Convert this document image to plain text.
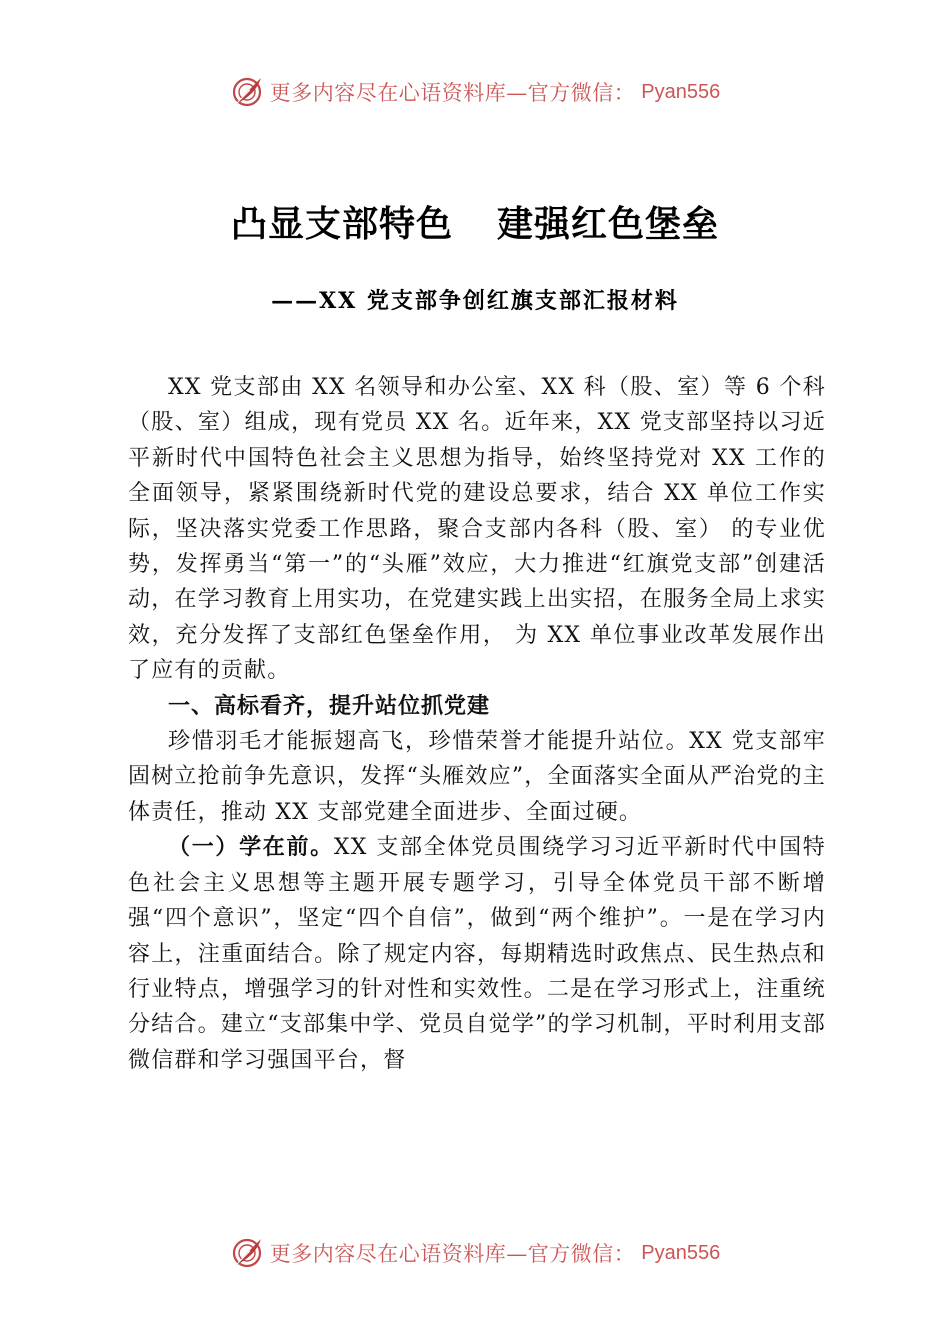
更多内容尽在心语资料库—官方微信： Pyan556
凸显支部特色 建强红色堡垒
——XX 党支部争创红旗支部汇报材料

XX 党支部由 XX 名领导和办公室、XX 科（股、室）等 6 个科（股、室）组成，现有党员 XX 名。近年来，XX 党支部坚持以习近平新时代中国特色社会主义思想为指导，始终坚持党对 XX 工作的全面领导，紧紧围绕新时代党的建设总要求，结合 XX 单位工作实际，坚决落实党委工作思路，聚合支部内各科（股、室） 的专业优势，发挥勇当“第一”的“头雁”效应，大力推进“红旗党支部”创建活动，在学习教育上用实功，在党建实践上出实招，在服务全局上求实效，充分发挥了支部红色堡垒作用， 为 XX 单位事业改革发展作出了应有的贡献。

一、高标看齐，提升站位抓党建

珍惜羽毛才能振翅高飞，珍惜荣誉才能提升站位。XX 党支部牢固树立抢前争先意识，发挥“头雁效应”，全面落实全面从严治党的主体责任，推动 XX 支部党建全面进步、全面过硬。

（一）学在前。XX 支部全体党员围绕学习习近平新时代中国特色社会主义思想等主题开展专题学习，引导全体党员干部不断增强“四个意识”，坚定“四个自信”，做到“两个维护”。一是在学习内容上，注重面结合。除了规定内容，每期精选时政焦点、民生热点和行业特点，增强学习的针对性和实效性。二是在学习形式上，注重统分结合。建立“支部集中学、党员自觉学”的学习机制，平时利用支部微信群和学习强国平台，督

更多内容尽在心语资料库—官方微信： Pyan556
